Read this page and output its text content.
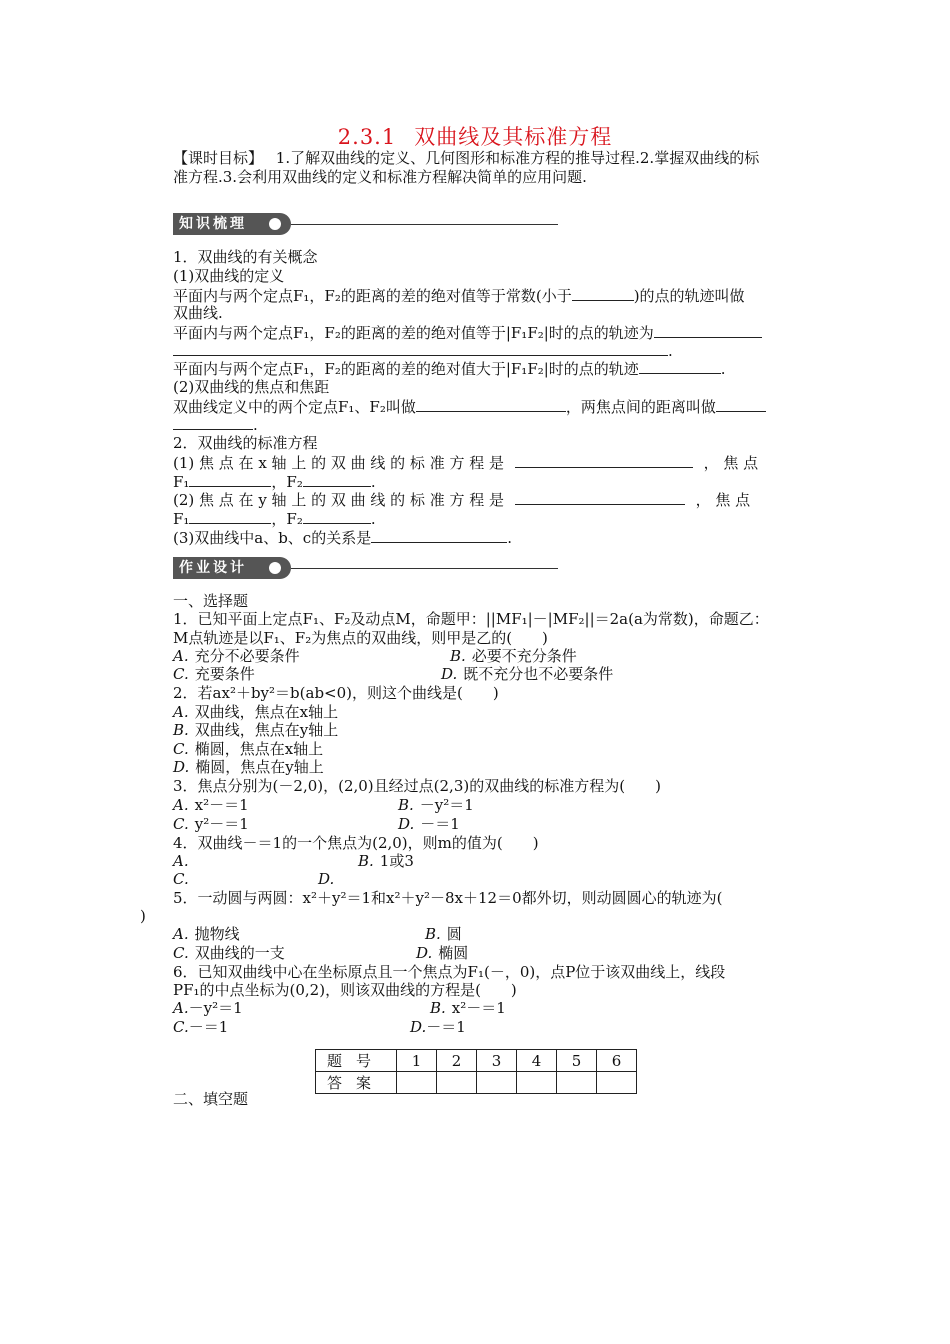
2.3.1 双曲线及其标准方程
【课时目标】 1.了解双曲线的定义、几何图形和标准方程的推导过程.2.掌握双曲线的标
准方程.3.会利用双曲线的定义和标准方程解决简单的应用问题.
知识梳理
1．双曲线的有关概念
(1)双曲线的定义
平面内与两个定点F₁，F₂的距离的差的绝对值等于常数(小于	)的点的轨迹叫做
双曲线.
平面内与两个定点F₁，F₂的距离的差的绝对值等于|F₁F₂|时的点的轨迹为
.
平面内与两个定点F₁，F₂的距离的差的绝对值大于|F₁F₂|时的点的轨迹	.
(2)双曲线的焦点和焦距
双曲线定义中的两个定点F₁、F₂叫做	，两焦点间的距离叫做
.
2．双曲线的标准方程
(1) 焦 点 在 x 轴 上 的 双 曲 线 的 标 准 方 程 是	， 焦 点
F₁	，F₂	.
(2) 焦 点 在 y 轴 上 的 双 曲 线 的 标 准 方 程 是	， 焦 点
F₁	，F₂	.
(3)双曲线中a、b、c的关系是	.
作业设计
一、选择题
1．已知平面上定点F₁、F₂及动点M，命题甲：||MF₁|－|MF₂||＝2a(a为常数)，命题乙：
M点轨迹是以F₁、F₂为焦点的双曲线，则甲是乙的(　　)
A. 充分不必要条件	B. 必要不充分条件
C. 充要条件	D. 既不充分也不必要条件
2．若ax²＋by²＝b(ab<0)，则这个曲线是(　　)
A. 双曲线，焦点在x轴上
B. 双曲线，焦点在y轴上
C. 椭圆，焦点在x轴上
D. 椭圆，焦点在y轴上
3．焦点分别为(－2,0)，(2,0)且经过点(2,3)的双曲线的标准方程为(　　)
A. x²－＝1	B. －y²＝1
C. y²－＝1	D. －＝1
4．双曲线－＝1的一个焦点为(2,0)，则m的值为(　　)
A.	B. 1或3
C.	D.
5．一动圆与两圆：x²＋y²＝1和x²＋y²－8x＋12＝0都外切，则动圆圆心的轨迹为(
)
A. 抛物线	B. 圆
C. 双曲线的一支	D. 椭圆
6．已知双曲线中心在坐标原点且一个焦点为F₁(－，0)，点P位于该双曲线上，线段
PF₁的中点坐标为(0,2)，则该双曲线的方程是(　　)
A.－y²＝1	B. x²－＝1
C.－＝1	D.－＝1
题号	1	2	3	4	5	6
答案						
二、填空题
